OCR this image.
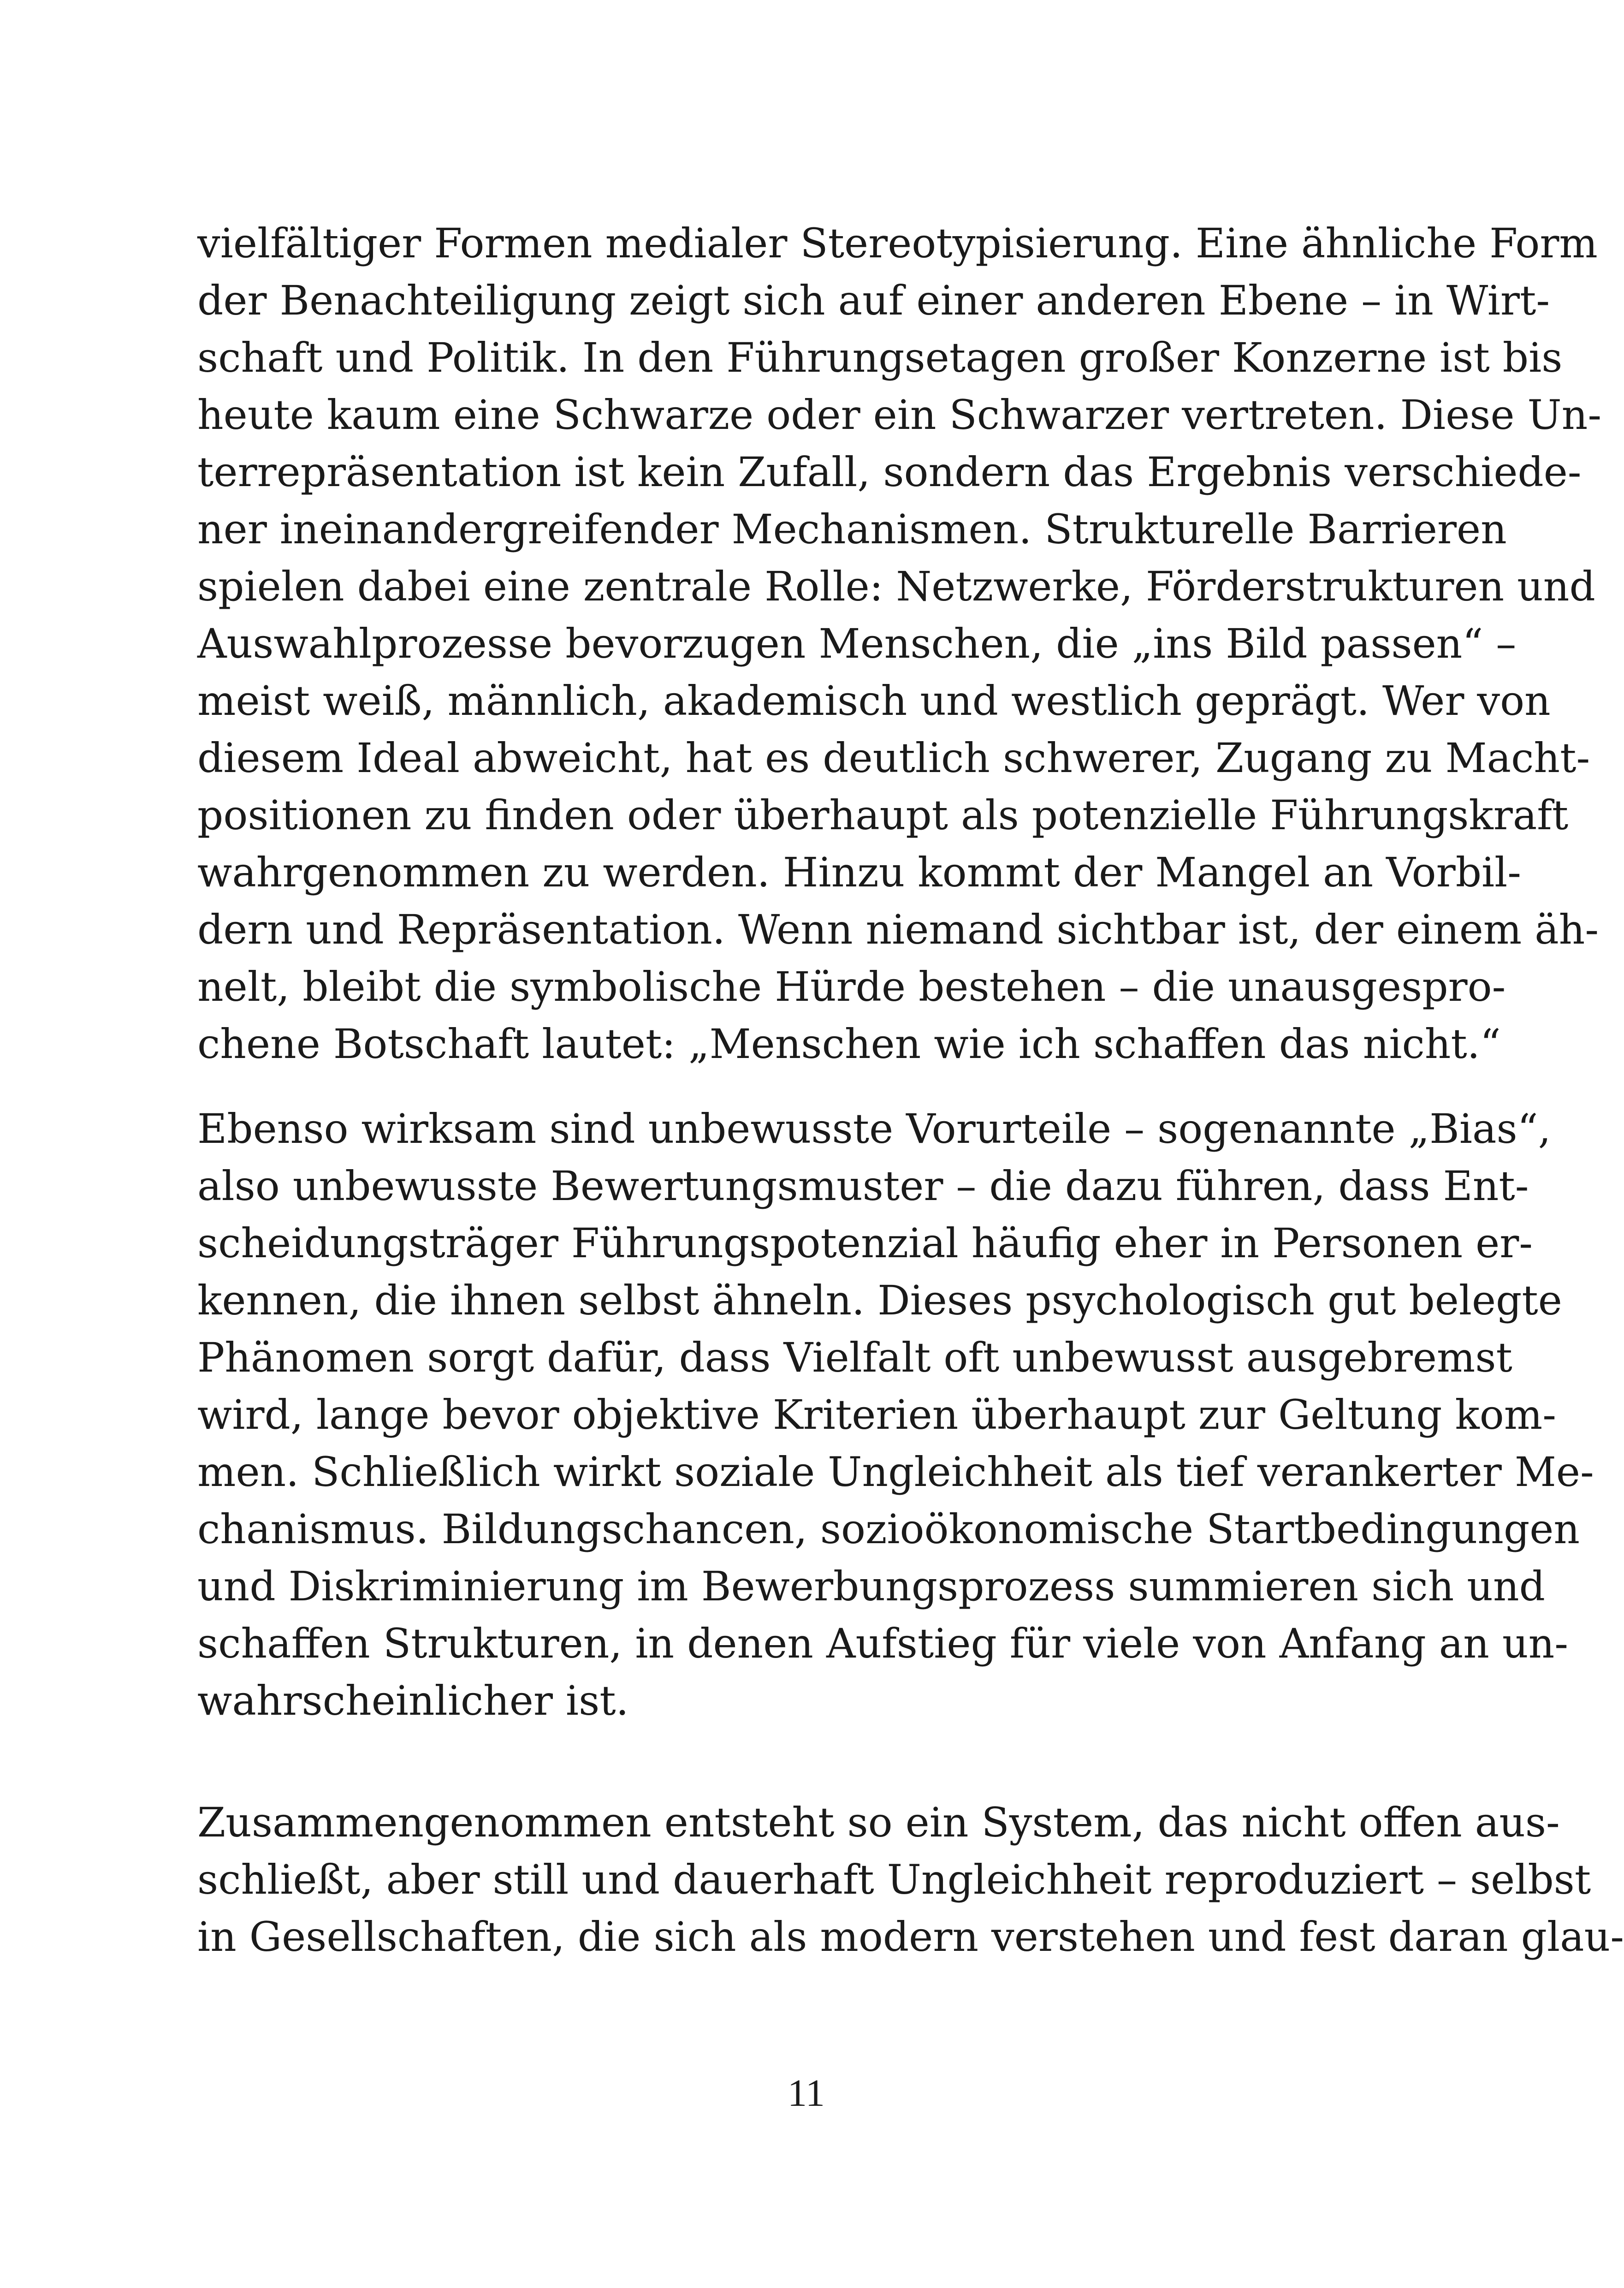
vielfältiger Formen medialer Stereotypisierung. Eine ähnliche Form
der Benachteiligung zeigt sich auf einer anderen Ebene – in Wirt-
schaft und Politik. In den Führungsetagen großer Konzerne ist bis
heute kaum eine Schwarze oder ein Schwarzer vertreten. Diese Un-
terrepräsentation ist kein Zufall, sondern das Ergebnis verschiede-
ner ineinandergreifender Mechanismen. Strukturelle Barrieren
spielen dabei eine zentrale Rolle: Netzwerke, Förderstrukturen und
Auswahlprozesse bevorzugen Menschen, die „ins Bild passen“ –
meist weiß, männlich, akademisch und westlich geprägt. Wer von
diesem Ideal abweicht, hat es deutlich schwerer, Zugang zu Macht-
positionen zu finden oder überhaupt als potenzielle Führungskraft
wahrgenommen zu werden. Hinzu kommt der Mangel an Vorbil-
dern und Repräsentation. Wenn niemand sichtbar ist, der einem äh-
nelt, bleibt die symbolische Hürde bestehen – die unausgespro-
chene Botschaft lautet: „Menschen wie ich schaffen das nicht.“
Ebenso wirksam sind unbewusste Vorurteile – sogenannte „Bias“,
also unbewusste Bewertungsmuster – die dazu führen, dass Ent-
scheidungsträger Führungspotenzial häufig eher in Personen er-
kennen, die ihnen selbst ähneln. Dieses psychologisch gut belegte
Phänomen sorgt dafür, dass Vielfalt oft unbewusst ausgebremst
wird, lange bevor objektive Kriterien überhaupt zur Geltung kom-
men. Schließlich wirkt soziale Ungleichheit als tief verankerter Me-
chanismus. Bildungschancen, sozioökonomische Startbedingungen
und Diskriminierung im Bewerbungsprozess summieren sich und
schaffen Strukturen, in denen Aufstieg für viele von Anfang an un-
wahrscheinlicher ist.
Zusammengenommen entsteht so ein System, das nicht offen aus-
schließt, aber still und dauerhaft Ungleichheit reproduziert – selbst
in Gesellschaften, die sich als modern verstehen und fest daran glau-
11
